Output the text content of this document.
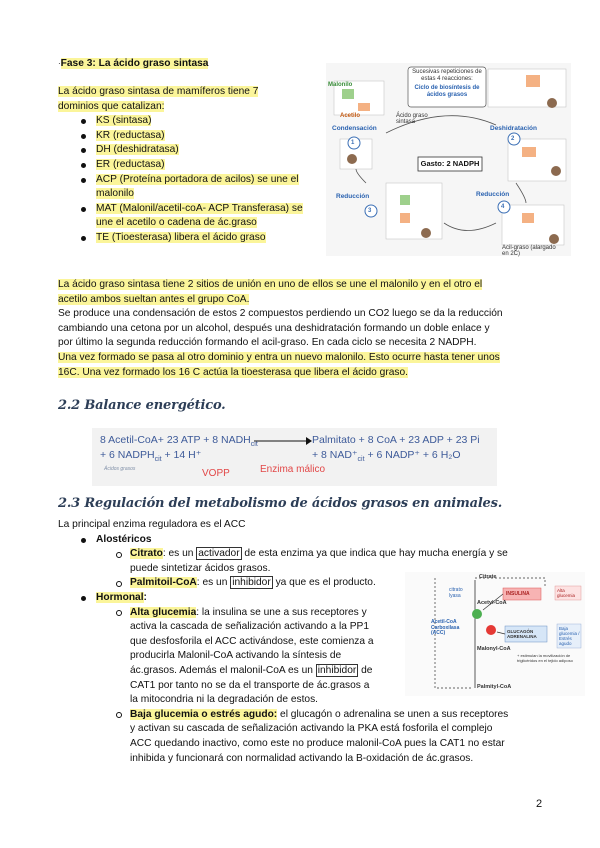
·Fase 3: La ácido graso sintasa
La ácido graso sintasa de mamíferos tiene 7
dominios que catalizan:
KS (sintasa)
KR (reductasa)
DH (deshidratasa)
ER (reductasa)
ACP (Proteína portadora de acilos) se une el malonilo
MAT (Malonil/acetil-coA- ACP Transferasa) se une el acetilo o cadena de ác.graso
TE (Tioesterasa) libera el ácido graso
Sucesivas repeticiones de estas 4 reacciones:
Ciclo de biosíntesis de ácidos grasos
Malonilo
Acetilo	Ácido graso sintasa
Condensación	Deshidratación
Reducción	Reducción
Gasto: 2 NADPH
Acil-graso (alargado en 2C)
1
2
3
4
La ácido graso sintasa tiene 2 sitios de unión en uno de ellos se une el malonilo y en el otro el
acetilo ambos sueltan antes el grupo CoA.
Se produce una condensación de estos 2 compuestos perdiendo un CO2 luego se da la reducción
cambiando una cetona por un alcohol, después una deshidratación formando un doble enlace y
por último la segunda reducción formando el acil-graso. En cada ciclo se necesita 2 NADPH.
Una vez formado se pasa al otro dominio y entra un nuevo malonilo. Esto ocurre hasta tener unos
16C. Una vez formado los 16 C actúa la tioesterasa que libera el ácido graso.
2.2 Balance energético.
8 Acetil-CoA+ 23 ATP + 8 $NADH_{cit}$
+ 6 $NADPH_{cit} + 14$ H⁺
Palmitato + 8 CoA + 23 ADP + 23 Pi
+ 8 $NAD^+_{cit} + 6$ NADP⁺ + 6 H₂O
VOPP	Enzima málico
Ácidos grasos
2.3 Regulación del metabolismo de ácidos grasos en animales.
La principal enzima reguladora es el ACC
Alostéricos
Citrato: es un activador de esta enzima ya que indica que hay mucha energía y se
puede sintetizar ácidos grasos.
Palmitoil-CoA: es un inhibidor ya que es el producto.
Hormonal:
Alta glucemia: la insulina se une a sus receptores y
activa la cascada de señalización activando a la PP1
que desfosforila el ACC activándose, este comienza a
producirla Malonil-CoA activando la síntesis de
ác.grasos. Además el malonil-CoA es un inhibidor de
CAT1 por tanto no se da el transporte de ác.grasos a
la mitocondria ni la degradación de estos.
Baja glucemia o estrés agudo: el glucagón o adrenalina se unen a sus receptores
y activan su cascada de señalización activando la PKA está fosforila el complejo
ACC quedando inactivo, como este no produce malonil-CoA pues la CAT1 no estar
inhibida y funcionará con normalidad activando la B-oxidación de ác.grasos.
Citrate
citrato lyasa	INSULINA
Alta glucemia
Acetyl-CoA
Acetil-CoA Carboxilasa (ACC)	GLUCAGÓN ADRENALINA
Baja glucemia / Estrés agudo
Malonyl-CoA
+ estimulan la movilización de triglicéridos en el tejido adiposo
Palmityl-CoA
2
